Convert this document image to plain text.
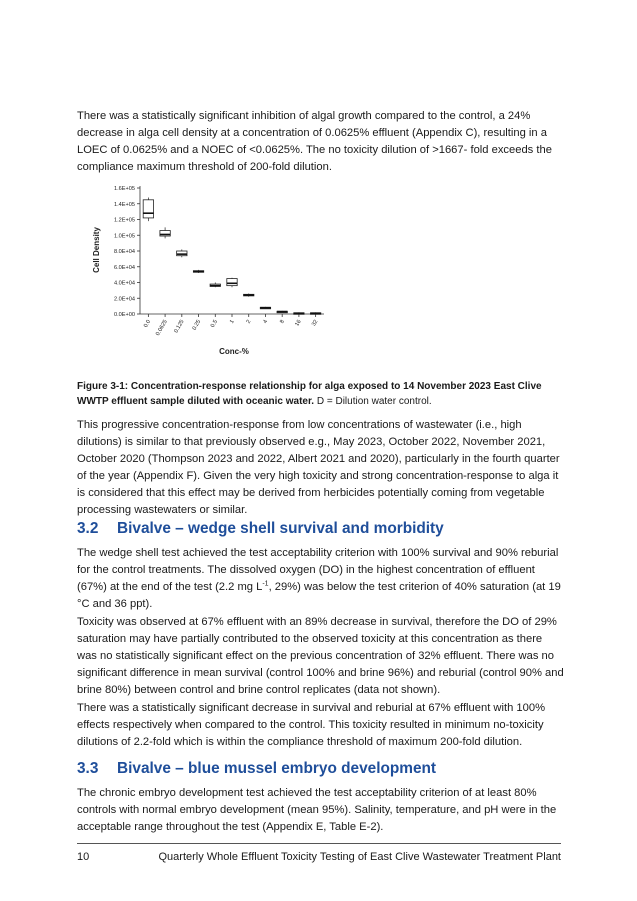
There was a statistically significant inhibition of algal growth compared to the control, a 24% decrease in alga cell density at a concentration of 0.0625% effluent (Appendix C), resulting in a LOEC of 0.0625% and a NOEC of <0.0625%. The no toxicity dilution of >1667- fold exceeds the compliance maximum threshold of 200-fold dilution.

0.0E+00
2.0E+04
4.0E+04
6.0E+04
8.0E+04
1.0E+05
1.2E+05
1.4E+05
1.6E+05
0.0 0.0625 0.125 0.25 0.5 1 2 4 8 16 32
Cell Density
Conc-%

Figure 3-1: Concentration-response relationship for alga exposed to 14 November 2023 East Clive WWTP effluent sample diluted with oceanic water. D = Dilution water control.

This progressive concentration-response from low concentrations of wastewater (i.e., high dilutions) is similar to that previously observed e.g., May 2023, October 2022, November 2021, October 2020 (Thompson 2023 and 2022, Albert 2021 and 2020), particularly in the fourth quarter of the year (Appendix F). Given the very high toxicity and strong concentration-response to alga it is considered that this effect may be derived from herbicides potentially coming from vegetable processing wastewaters or similar.

3.2 Bivalve – wedge shell survival and morbidity

The wedge shell test achieved the test acceptability criterion with 100% survival and 90% reburial for the control treatments. The dissolved oxygen (DO) in the highest concentration of effluent (67%) at the end of the test (2.2 mg $L^{-1}$, 29%) was below the test criterion of 40% saturation (at 19 °C and 36 ppt).

Toxicity was observed at 67% effluent with an 89% decrease in survival, therefore the DO of 29% saturation may have partially contributed to the observed toxicity at this concentration as there was no statistically significant effect on the previous concentration of 32% effluent. There was no significant difference in mean survival (control 100% and brine 96%) and reburial (control 90% and brine 80%) between control and brine control replicates (data not shown).

There was a statistically significant decrease in survival and reburial at 67% effluent with 100% effects respectively when compared to the control. This toxicity resulted in minimum no-toxicity dilutions of 2.2-fold which is within the compliance threshold of maximum 200-fold dilution.

3.3 Bivalve – blue mussel embryo development

The chronic embryo development test achieved the test acceptability criterion of at least 80% controls with normal embryo development (mean 95%). Salinity, temperature, and pH were in the acceptable range throughout the test (Appendix E, Table E-2).

10	Quarterly Whole Effluent Toxicity Testing of East Clive Wastewater Treatment Plant
